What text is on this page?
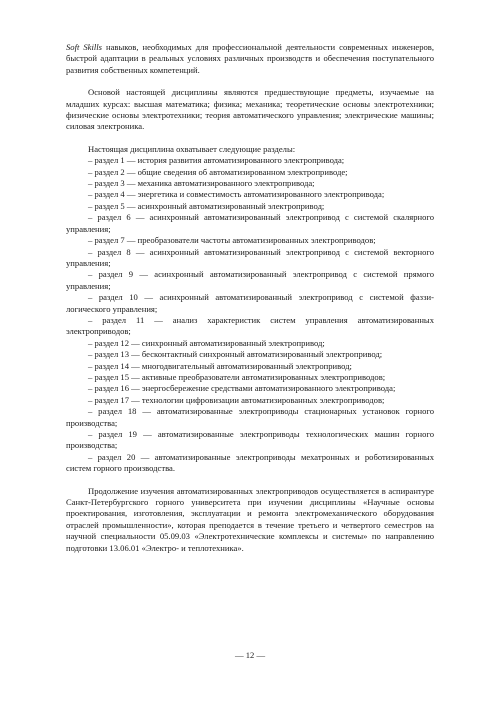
Soft Skills навыков, необходимых для профессиональной деятельности современных инженеров, быстрой адаптации в реальных условиях различных производств и обеспечения поступательного развития собственных компетенций.

Основой настоящей дисциплины являются предшествующие предметы, изучаемые на младших курсах: высшая математика; физика; механика; теоретические основы электротехники; физические основы электротехники; теория автоматического управления; электрические машины; силовая электроника.

Настоящая дисциплина охватывает следующие разделы:

– раздел 1 — история развития автоматизированного электропривода;

– раздел 2 — общие сведения об автоматизированном электроприводе;

– раздел 3 — механика автоматизированного электропривода;

– раздел 4 — энергетика и совместимость автоматизированного электропривода;

– раздел 5 — асинхронный автоматизированный электропривод;

– раздел 6 — асинхронный автоматизированный электропривод с системой скалярного управления;

– раздел 7 — преобразователи частоты автоматизированных электроприводов;

– раздел 8 — асинхронный автоматизированный электропривод с системой векторного управления;

– раздел 9 — асинхронный автоматизированный электропривод с системой прямого управления;

– раздел 10 — асинхронный автоматизированный электропривод с системой фаззи-логического управления;

– раздел 11 — анализ характеристик систем управления автоматизированных электроприводов;

– раздел 12 — синхронный автоматизированный электропривод;

– раздел 13 — бесконтактный синхронный автоматизированный электропривод;

– раздел 14 — многодвигательный автоматизированный электропривод;

– раздел 15 — активные преобразователи автоматизированных электроприводов;

– раздел 16 — энергосбережение средствами автоматизированного электропривода;

– раздел 17 — технологии цифровизации автоматизированных электроприводов;

– раздел 18 — автоматизированные электроприводы стационарных установок горного производства;

– раздел 19 — автоматизированные электроприводы технологических машин горного производства;

– раздел 20 — автоматизированные электроприводы мехатронных и роботизированных систем горного производства.

Продолжение изучения автоматизированных электроприводов осуществляется в аспирантуре Санкт-Петербургского горного университета при изучении дисциплины «Научные основы проектирования, изготовления, эксплуатации и ремонта электромеханического оборудования отраслей промышленности», которая преподается в течение третьего и четвертого семестров на научной специальности 05.09.03 «Электротехнические комплексы и системы» по направлению подготовки 13.06.01 «Электро- и теплотехника».

— 12 —
